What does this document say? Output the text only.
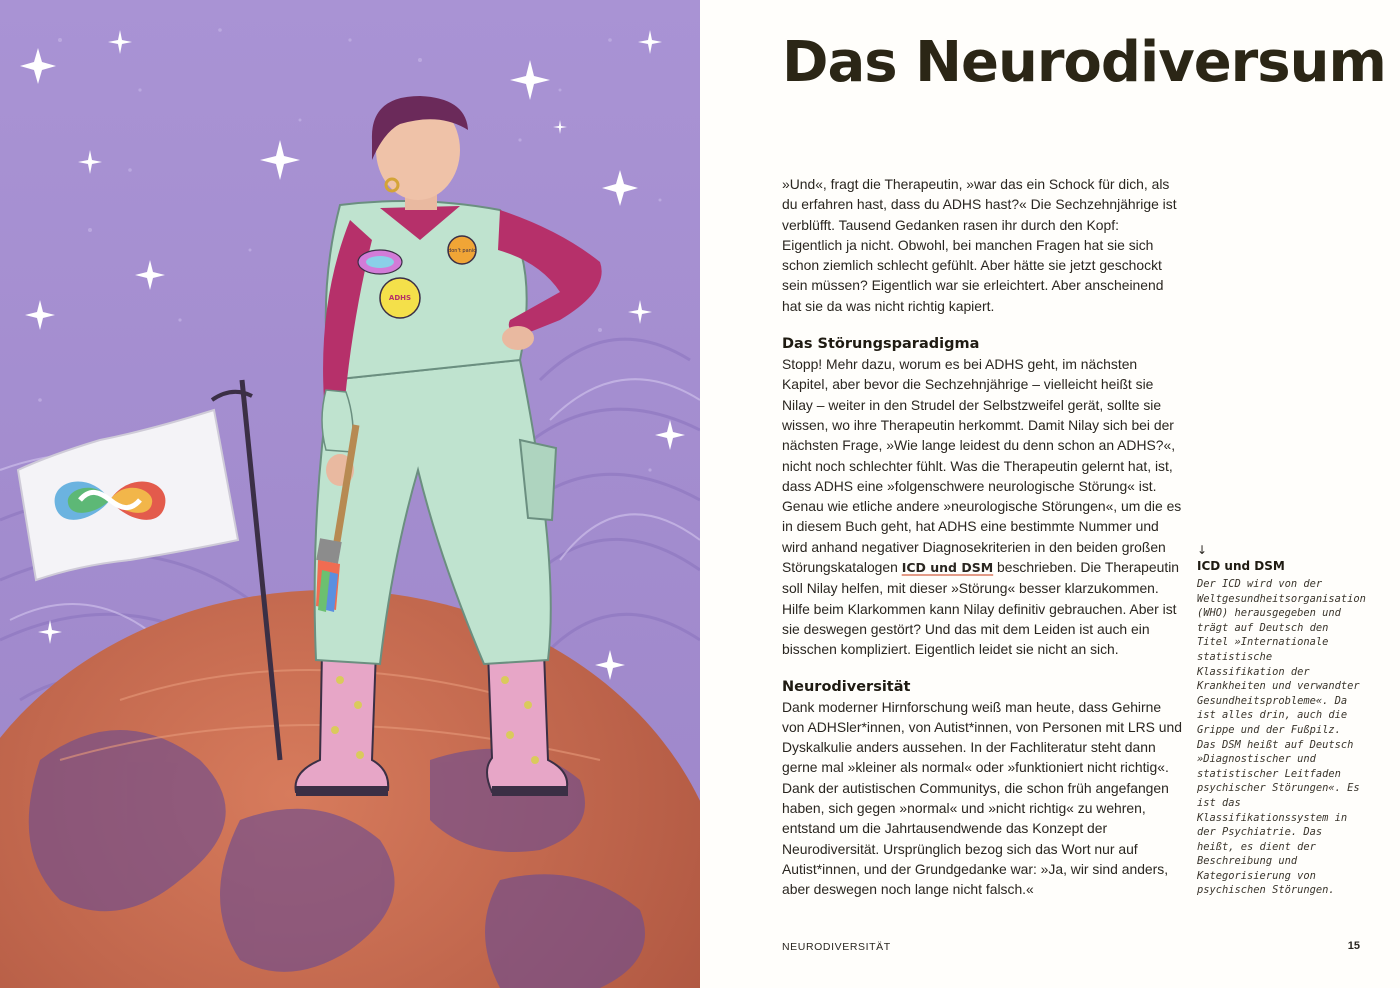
don't panic
ADHS
Das Neurodiversum

»Und«, fragt die Therapeutin, »war das ein Schock für dich, als du erfahren hast, dass du ADHS hast?« Die Sechzehnjährige ist verblüfft. Tausend Gedanken rasen ihr durch den Kopf: Eigentlich ja nicht. Obwohl, bei manchen Fragen hat sie sich schon ziemlich schlecht gefühlt. Aber hätte sie jetzt geschockt sein müssen? Eigentlich war sie erleichtert. Aber anscheinend hat sie da was nicht richtig kapiert.

Das Störungsparadigma

Stopp! Mehr dazu, worum es bei ADHS geht, im nächsten Kapitel, aber bevor die Sechzehnjährige – vielleicht heißt sie Nilay – weiter in den Strudel der Selbstzweifel gerät, sollte sie wissen, wo ihre Therapeutin herkommt. Damit Nilay sich bei der nächsten Frage, »Wie lange leidest du denn schon an ADHS?«, nicht noch schlechter fühlt. Was die Therapeutin gelernt hat, ist, dass ADHS eine »folgenschwere neurologische Störung« ist. Genau wie etliche andere »neurologische Störungen«, um die es in diesem Buch geht, hat ADHS eine bestimmte Nummer und wird anhand negativer Diagnosekriterien in den beiden großen Störungskatalogen ICD und DSM beschrieben. Die Therapeutin soll Nilay helfen, mit dieser »Störung« besser klarzukommen. Hilfe beim Klarkommen kann Nilay definitiv gebrauchen. Aber ist sie deswegen gestört? Und das mit dem Leiden ist auch ein bisschen kompliziert. Eigentlich leidet sie nicht an sich.

Neurodiversität

Dank moderner Hirnforschung weiß man heute, dass Gehirne von ADHSler*innen, von Autist*innen, von Personen mit LRS und Dyskalkulie anders aussehen. In der Fachliteratur steht dann gerne mal »kleiner als normal« oder »funktioniert nicht richtig«. Dank der autistischen Communitys, die schon früh angefangen haben, sich gegen »normal« und »nicht richtig« zu wehren, entstand um die Jahrtausendwende das Konzept der Neurodiversität. Ursprünglich bezog sich das Wort nur auf Autist*innen, und der Grundgedanke war: »Ja, wir sind anders, aber deswegen noch lange nicht falsch.«

↓
ICD und DSM

Der ICD wird von der Weltgesundheitsorganisation (WHO) herausgegeben und trägt auf Deutsch den Titel »Internationale statistische Klassifikation der Krankheiten und verwandter Gesundheitsprobleme«. Da ist alles drin, auch die Grippe und der Fußpilz. Das DSM heißt auf Deutsch »Diagnostischer und statistischer Leitfaden psychischer Störungen«. Es ist das Klassifikationssystem in der Psychiatrie. Das heißt, es dient der Beschreibung und Kategorisierung von psychischen Störungen.

NEURODIVERSITÄT	15
